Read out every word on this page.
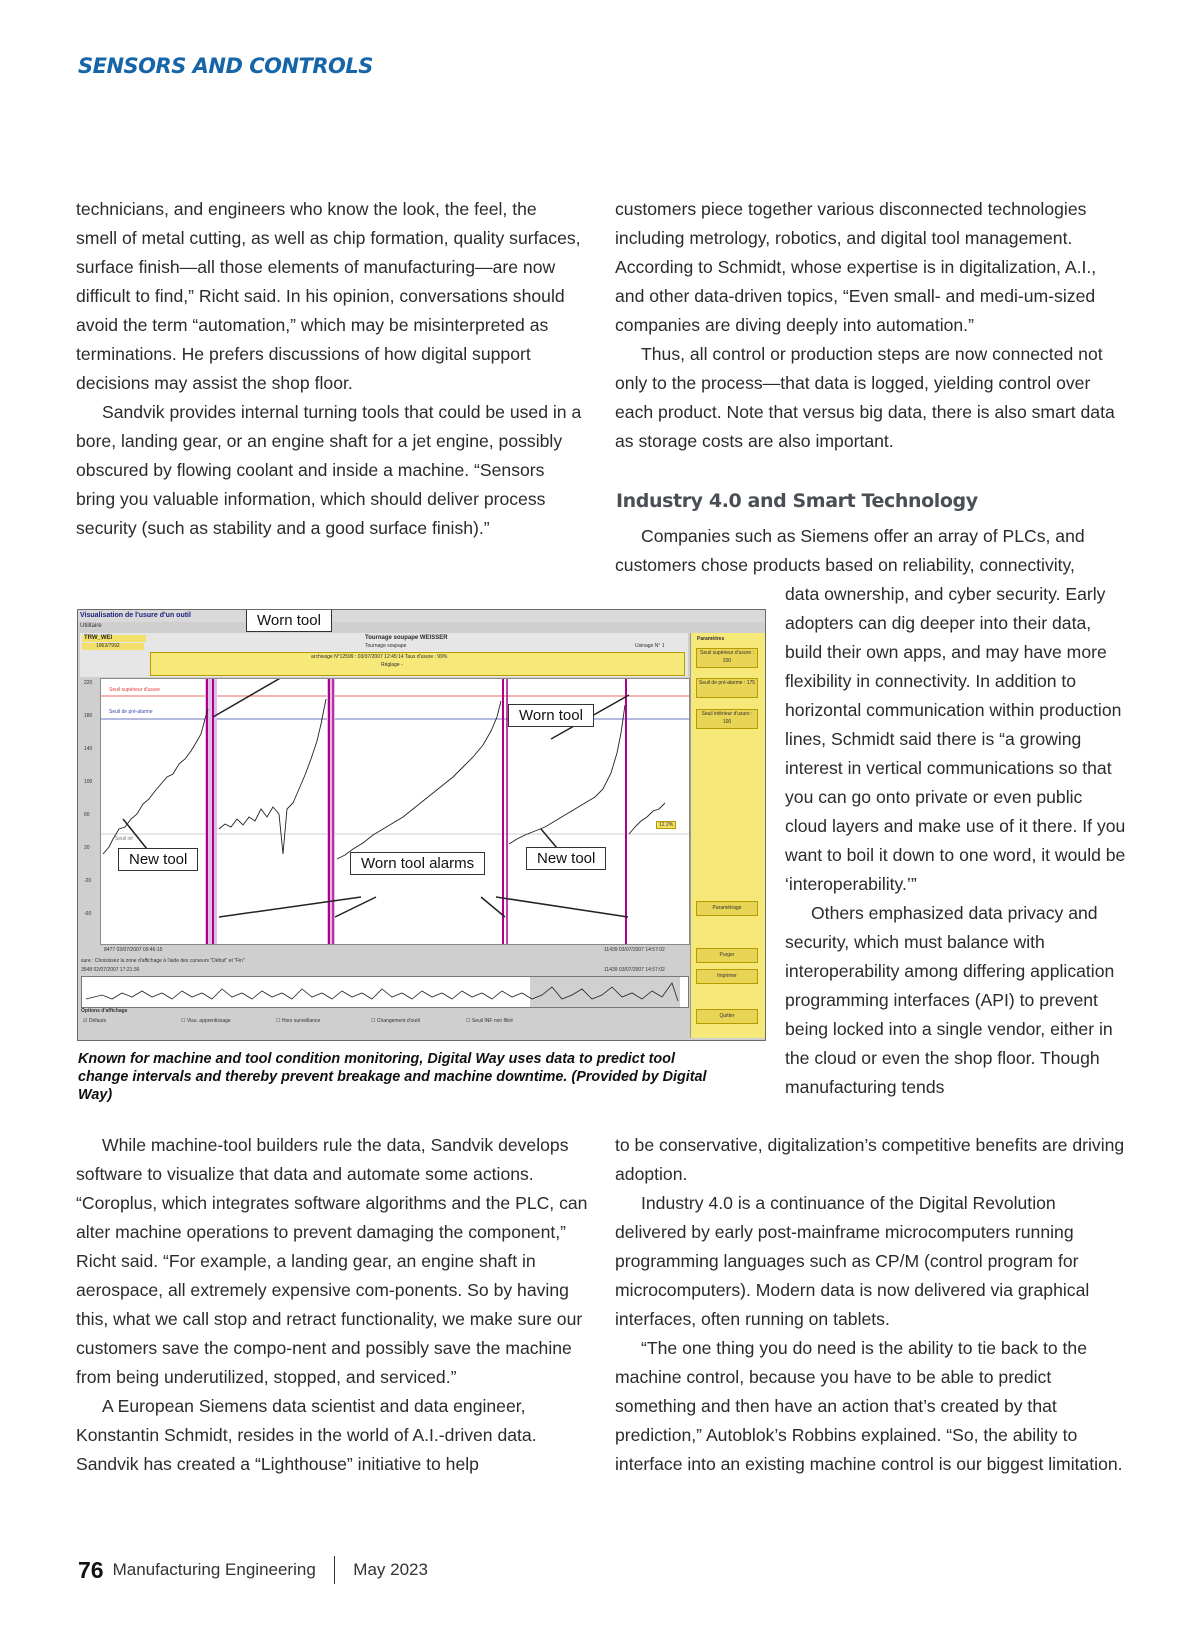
SENSORS AND CONTROLS

technicians, and engineers who know the look, the feel, the smell of metal cutting, as well as chip formation, quality surfaces, surface finish—all those elements of manufacturing—are now difficult to find,” Richt said. In his opinion, conversations should avoid the term “automation,” which may be misinterpreted as terminations. He prefers discussions of how digital support decisions may assist the shop floor.

Sandvik provides internal turning tools that could be used in a bore, landing gear, or an engine shaft for a jet engine, possibly obscured by flowing coolant and inside a machine. “Sensors bring you valuable information, which should deliver process security (such as stability and a good surface finish).”

customers piece together various disconnected technologies including metrology, robotics, and digital tool management. According to Schmidt, whose expertise is in digitalization, A.I., and other data-driven topics, “Even small- and medi-um-sized companies are diving deeply into automation.”

Thus, all control or production steps are now connected not only to the process—that data is logged, yielding control over each product. Note that versus big data, there is also smart data as storage costs are also important.

Industry 4.0 and Smart Technology

Companies such as Siemens offer an array of PLCs, and customers chose products based on reliability, connectivity,

data ownership, and cyber security. Early adopters can dig deeper into their data, build their own apps, and may have more flexibility in connectivity. In addition to horizontal communication within production lines, Schmidt said there is “a growing interest in vertical communications so that you can go onto private or even public cloud layers and make use of it there. If you want to boil it down to one word, it would be ‘interoperability.’”

Others emphasized data privacy and security, which must balance with interoperability among differing application programming interfaces (API) to prevent being locked into a single vendor, either in the cloud or even the shop floor. Though manufacturing tends

to be conservative, digitalization’s competitive benefits are driving adoption.

Industry 4.0 is a continuance of the Digital Revolution delivered by early post-mainframe microcomputers running programming languages such as CP/M (control program for microcomputers). Modern data is now delivered via graphical interfaces, often running on tablets.

“The one thing you do need is the ability to tie back to the machine control, because you have to be able to predict something and then have an action that’s created by that prediction,” Autoblok’s Robbins explained. “So, the ability to interface into an existing machine control is our biggest limitation.

While machine-tool builders rule the data, Sandvik develops software to visualize that data and automate some actions. “Coroplus, which integrates software algorithms and the PLC, can alter machine operations to prevent damaging the component,” Richt said. “For example, a landing gear, an engine shaft in aerospace, all extremely expensive com-ponents. So by having this, what we call stop and retract functionality, we make sure our customers save the compo-nent and possibly save the machine from being underutilized, stopped, and serviced.”

A European Siemens data scientist and data engineer, Konstantin Schmidt, resides in the world of A.I.-driven data. Sandvik has created a “Lighthouse” initiative to help

Visualisation de l'usure d'un outil
Utilitaire
TRW_WEI
1963/7992
Tournage soupape WEISSER
Tournage soupape	Usinage N° 1
archivage N°12599 : 03/07/2007 12:45:14 Taux d'usure : 99%
Réglage -
Paramètres
Seuil supérieur d'usure : 200
Seuil de pré-alarme : 175
Seuil inférieur d'usure : 100
Paramétrage
Purger
Imprimer
Quitter
220
180
140
100
60
20
-20
-60
Seuil supérieur d'usure
Seuil de pré-alarme
Seuil inf
12.2%
Worn tool
Worn tool
New tool	New tool
Worn tool alarms
8477 03/07/2007 09:46:15	11439 03/07/2007 14:57:02
sure : Choisissez la zone d'affichage à l'aide des curseurs "Début" et "Fin"
3548 02/07/2007 17:21:36	11439 03/07/2007 14:57:02
Options d'affichage
☑ Défauts	☐ Visu. apprentissage	☐ Hors surveillance	☐ Changement d'outil	☐ Seuil INF non filtré

Known for machine and tool condition monitoring, Digital Way uses data to predict tool change intervals and thereby prevent breakage and machine downtime. (Provided by Digital Way)

76 Manufacturing Engineering May 2023
